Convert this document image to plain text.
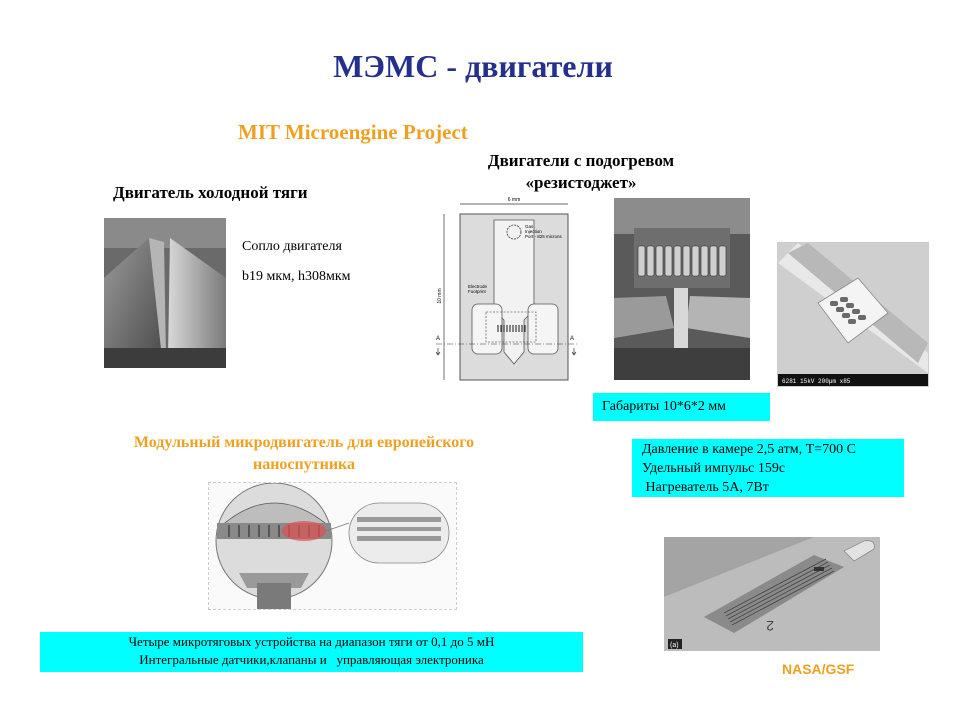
МЭМС - двигатели
MIT Microengine Project
Двигатель холодной тяги
Сопло двигателя
b19 мкм, h308мкм
Двигатели с подогревом
«резистоджет»
6 mm
10 mm
Gas
Injection
Port - 825 microns
Electrode
Footprint
A	A
6281 15kV 200µm x85
Габариты 10*6*2 мм
Давление в камере 2,5 атм, Т=700 С
Удельный импульс 159с
Нагреватель 5А, 7Вт
Модульный микродвигатель для европейского
наноспутника
Четыре микротяговых устройства на диапазон тяги от 0,1 до 5 мН
Интегральные датчики,клапаны и   управляющая электроника
2
(a)
NASA/GSF
